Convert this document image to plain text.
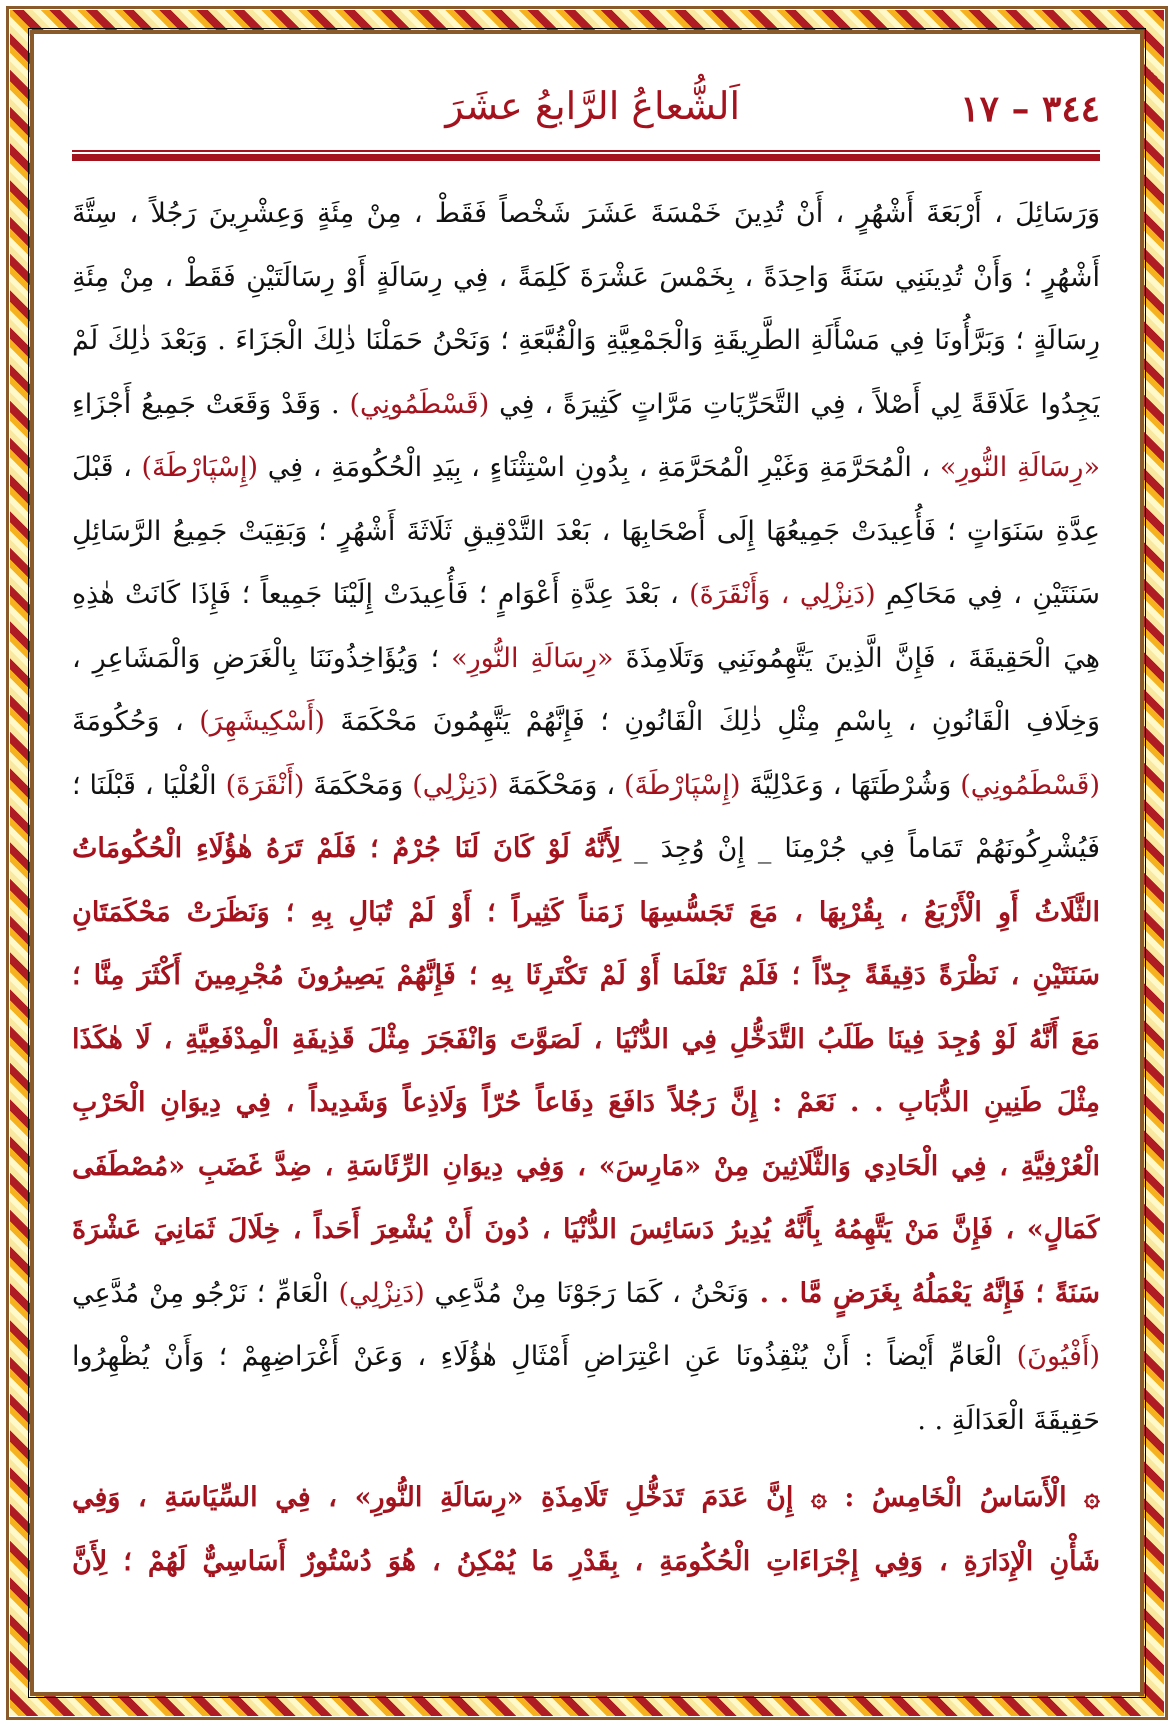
٣٤٤ – ١٧
اَلشُّعاعُ الرَّابعُ عشَرَ

وَرَسَائِلَ ، أَرْبَعَةَ أَشْهُرٍ ، أَنْ تُدِينَ خَمْسَةَ عَشَرَ شَخْصاً فَقَطْ ، مِنْ مِئَةٍ وَعِشْرِينَ رَجُلاً ، سِتَّةَ

أَشْهُرٍ ؛ وَأَنْ تُدِينَنِي سَنَةً وَاحِدَةً ، بِخَمْسَ عَشْرَةَ كَلِمَةً ، فِي رِسَالَةٍ أَوْ رِسَالَتَيْنِ فَقَطْ ، مِنْ مِئَةِ

رِسَالَةٍ ؛ وَبَرَّأُونَا فِي مَسْأَلَةِ الطَّرِيقَةِ وَالْجَمْعِيَّةِ وَالْقُبَّعَةِ ؛ وَنَحْنُ حَمَلْنَا ذٰلِكَ الْجَزَاءَ . وَبَعْدَ ذٰلِكَ لَمْ

يَجِدُوا عَلَاقَةً لِي أَصْلاً ، فِي التَّحَرِّيَاتِ مَرَّاتٍ كَثِيرَةً ، فِي (قَسْطَمُونِي) . وَقَدْ وَقَعَتْ جَمِيعُ أَجْزَاءِ

«رِسَالَةِ النُّورِ» ، الْمُحَرَّمَةِ وَغَيْرِ الْمُحَرَّمَةِ ، بِدُونِ اسْتِثْنَاءٍ ، بِيَدِ الْحُكُومَةِ ، فِي (إِسْپَارْطَةَ) ، قَبْلَ

عِدَّةِ سَنَوَاتٍ ؛ فَأُعِيدَتْ جَمِيعُهَا إِلَى أَصْحَابِهَا ، بَعْدَ التَّدْقِيقِ ثَلَاثَةَ أَشْهُرٍ ؛ وَبَقِيَتْ جَمِيعُ الرَّسَائِلِ

سَنَتَيْنِ ، فِي مَحَاكِمِ (دَنِزْلِي ، وَأَنْقَرَةَ) ، بَعْدَ عِدَّةِ أَعْوَامٍ ؛ فَأُعِيدَتْ إِلَيْنَا جَمِيعاً ؛ فَإِذَا كَانَتْ هٰذِهِ

هِيَ الْحَقِيقَةَ ، فَإِنَّ الَّذِينَ يَتَّهِمُونَنِي وَتَلَامِذَةَ «رِسَالَةِ النُّورِ» ؛ وَيُؤَاخِذُونَنَا بِالْغَرَضِ وَالْمَشَاعِرِ ،

وَخِلَافِ الْقَانُونِ ، بِاسْمِ مِثْلِ ذٰلِكَ الْقَانُونِ ؛ فَإِنَّهُمْ يَتَّهِمُونَ مَحْكَمَةَ (أَسْكِيشَهِرَ) ، وَحُكُومَةَ

(قَسْطَمُونِي) وَشُرْطَتَهَا ، وَعَدْلِيَّةَ (إِسْپَارْطَةَ) ، وَمَحْكَمَةَ (دَنِزْلِي) وَمَحْكَمَةَ (أَنْقَرَةَ) الْعُلْيَا ، قَبْلَنَا ؛

فَيُشْرِكُونَهُمْ تَمَاماً فِي جُرْمِنَا _ إِنْ وُجِدَ _ لِأَنَّهُ لَوْ كَانَ لَنَا جُرْمٌ ؛ فَلَمْ تَرَهُ هٰؤُلَاءِ الْحُكُومَاتُ

الثَّلَاثُ أَوِ الْأَرْبَعُ ، بِقُرْبِهَا ، مَعَ تَجَسُّسِهَا زَمَناً كَثِيراً ؛ أَوْ لَمْ تُبَالِ بِهِ ؛ وَنَظَرَتْ مَحْكَمَتَانِ

سَنَتَيْنِ ، نَظْرَةً دَقِيقَةً جِدّاً ؛ فَلَمْ تَعْلَمَا أَوْ لَمْ تَكْتَرِثَا بِهِ ؛ فَإِنَّهُمْ يَصِيرُونَ مُجْرِمِينَ أَكْثَرَ مِنَّا ؛

مَعَ أَنَّهُ لَوْ وُجِدَ فِينَا طَلَبُ التَّدَخُّلِ فِي الدُّنْيَا ، لَصَوَّتَ وَانْفَجَرَ مِثْلَ قَذِيفَةِ الْمِدْفَعِيَّةِ ، لَا هٰكَذَا

مِثْلَ طَنِينِ الذُّبَابِ . . نَعَمْ : إِنَّ رَجُلاً دَافَعَ دِفَاعاً حُرّاً وَلَاذِعاً وَشَدِيداً ، فِي دِيوَانِ الْحَرْبِ

الْعُرْفِيَّةِ ، فِي الْحَادِي وَالثَّلَاثِينَ مِنْ «مَارِسَ» ، وَفِي دِيوَانِ الرِّئَاسَةِ ، ضِدَّ غَضَبِ «مُصْطَفَى

كَمَالٍ» ، فَإِنَّ مَنْ يَتَّهِمُهُ بِأَنَّهُ يُدِيرُ دَسَائِسَ الدُّنْيَا ، دُونَ أَنْ يُشْعِرَ أَحَداً ، خِلَالَ ثَمَانِيَ عَشْرَةَ

سَنَةً ؛ فَإِنَّهُ يَعْمَلُهُ بِغَرَضٍ مَّا . . وَنَحْنُ ، كَمَا رَجَوْنَا مِنْ مُدَّعِي (دَنِزْلِي) الْعَامِّ ؛ نَرْجُو مِنْ مُدَّعِي

(أَفْيُونَ) الْعَامِّ أَيْضاً : أَنْ يُنْقِذُونَا عَنِ اعْتِرَاضِ أَمْثَالِ هٰؤُلَاءِ ، وَعَنْ أَغْرَاضِهِمْ ؛ وَأَنْ يُظْهِرُوا

حَقِيقَةَ الْعَدَالَةِ . .

۞ الْأَسَاسُ الْخَامِسُ : ۞ إِنَّ عَدَمَ تَدَخُّلِ تَلَامِذَةِ «رِسَالَةِ النُّورِ» ، فِي السِّيَاسَةِ ، وَفِي

شَأْنِ الْإِدَارَةِ ، وَفِي إِجْرَاءَاتِ الْحُكُومَةِ ، بِقَدْرِ مَا يُمْكِنُ ، هُوَ دُسْتُورٌ أَسَاسِيٌّ لَهُمْ ؛ لِأَنَّ
